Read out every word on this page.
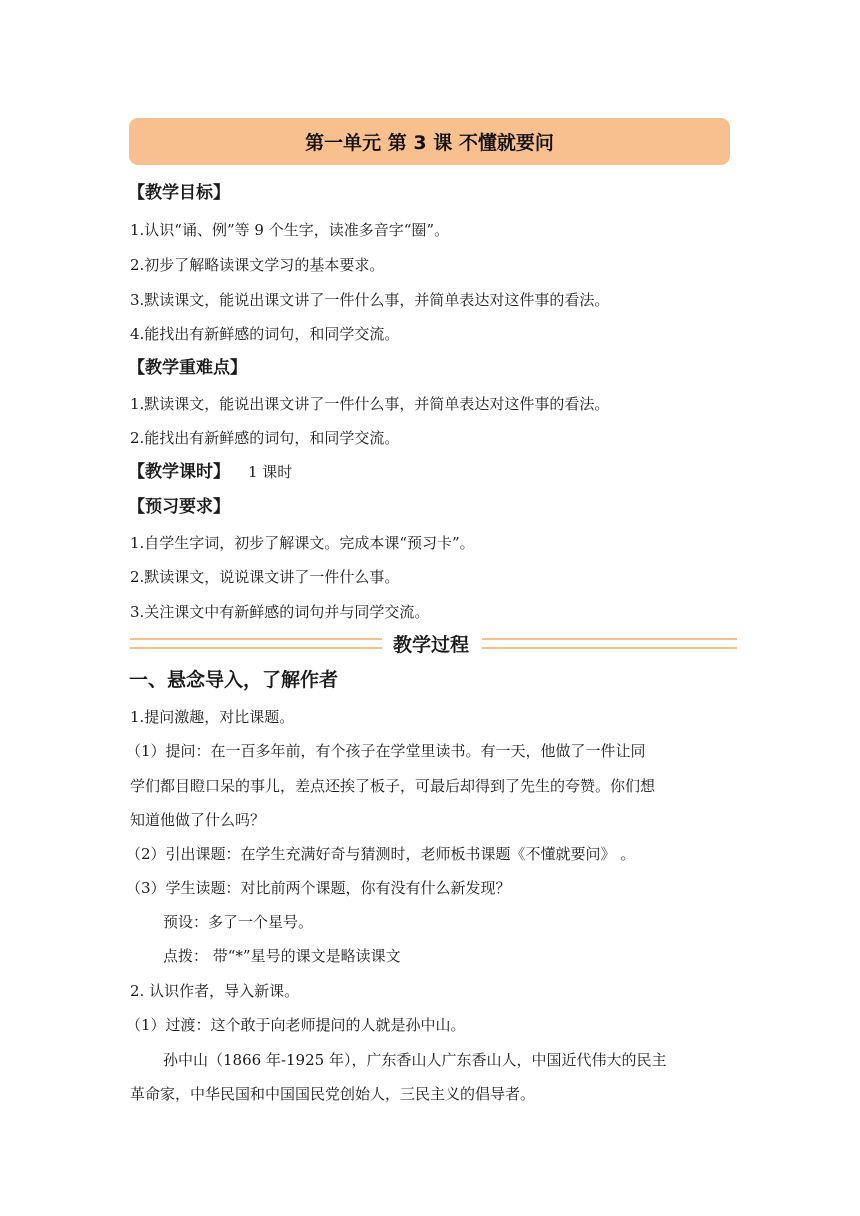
第一单元 第 3 课 不懂就要问
【教学目标】
1.认识“诵、例”等 9 个生字，读准多音字“圈”。
2.初步了解略读课文学习的基本要求。
3.默读课文，能说出课文讲了一件什么事，并简单表达对这件事的看法。
4.能找出有新鲜感的词句，和同学交流。
【教学重难点】
1.默读课文，能说出课文讲了一件什么事，并简单表达对这件事的看法。
2.能找出有新鲜感的词句，和同学交流。
【教学课时】 1 课时
【预习要求】
1.自学生字词，初步了解课文。完成本课“预习卡”。
2.默读课文，说说课文讲了一件什么事。
3.关注课文中有新鲜感的词句并与同学交流。
教学过程
一、悬念导入，了解作者
1.提问激趣，对比课题。
（1）提问：在一百多年前，有个孩子在学堂里读书。有一天，他做了一件让同
学们都目瞪口呆的事儿，差点还挨了板子，可最后却得到了先生的夸赞。你们想
知道他做了什么吗？
（2）引出课题：在学生充满好奇与猜测时，老师板书课题《不懂就要问》 。
（3）学生读题：对比前两个课题，你有没有什么新发现？
预设：多了一个星号。
点拨： 带“*”星号的课文是略读课文
2. 认识作者，导入新课。
（1）过渡：这个敢于向老师提问的人就是孙中山。
孙中山（1866 年-1925 年），广东香山人广东香山人，中国近代伟大的民主
革命家，中华民国和中国国民党创始人，三民主义的倡导者。
